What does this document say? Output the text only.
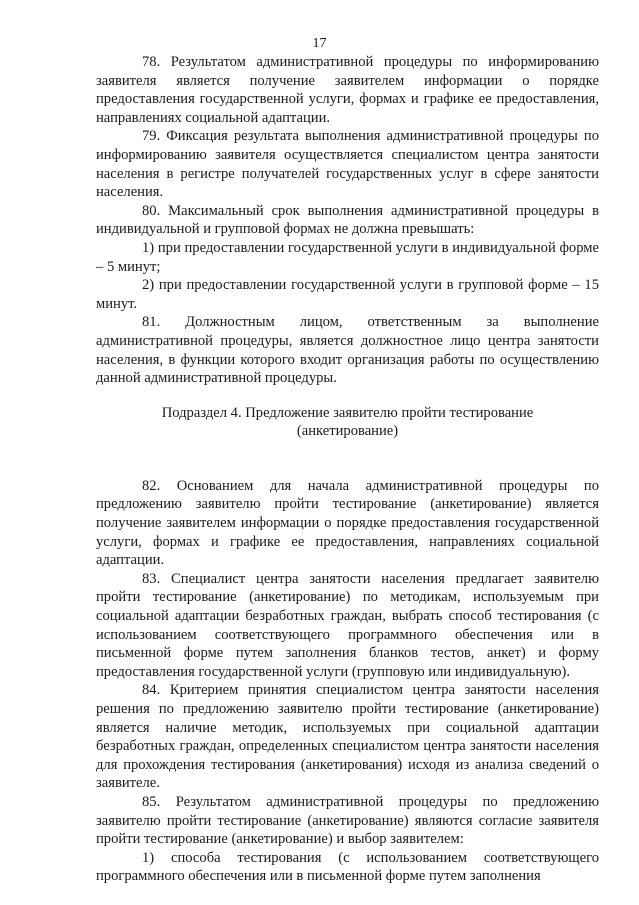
17

78. Результатом административной процедуры по информированию заявителя является получение заявителем информации о порядке предоставления государственной услуги, формах и графике ее предоставления, направлениях социальной адаптации.

79. Фиксация результата выполнения административной процедуры по информированию заявителя осуществляется специалистом центра занятости населения в регистре получателей государственных услуг в сфере занятости населения.

80. Максимальный срок выполнения административной процедуры в индивидуальной и групповой формах не должна превышать:

1) при предоставлении государственной услуги в индивидуальной форме – 5 минут;

2) при предоставлении государственной услуги в групповой форме – 15 минут.

81. Должностным лицом, ответственным за выполнение административной процедуры, является должностное лицо центра занятости населения, в функции которого входит организация работы по осуществлению данной административной процедуры.

Подраздел 4. Предложение заявителю пройти тестирование
(анкетирование)

82. Основанием для начала административной процедуры по предложению заявителю пройти тестирование (анкетирование) является получение заявителем информации о порядке предоставления государственной услуги, формах и графике ее предоставления, направлениях социальной адаптации.

83. Специалист центра занятости населения предлагает заявителю пройти тестирование (анкетирование) по методикам, используемым при социальной адаптации безработных граждан, выбрать способ тестирования (с использованием соответствующего программного обеспечения или в письменной форме путем заполнения бланков тестов, анкет) и форму предоставления государственной услуги (групповую или индивидуальную).

84. Критерием принятия специалистом центра занятости населения решения по предложению заявителю пройти тестирование (анкетирование) является наличие методик, используемых при социальной адаптации безработных граждан, определенных специалистом центра занятости населения для прохождения тестирования (анкетирования) исходя из анализа сведений о заявителе.

85. Результатом административной процедуры по предложению заявителю пройти тестирование (анкетирование) являются согласие заявителя пройти тестирование (анкетирование) и выбор заявителем:

1) способа тестирования (с использованием соответствующего программного обеспечения или в письменной форме путем заполнения
